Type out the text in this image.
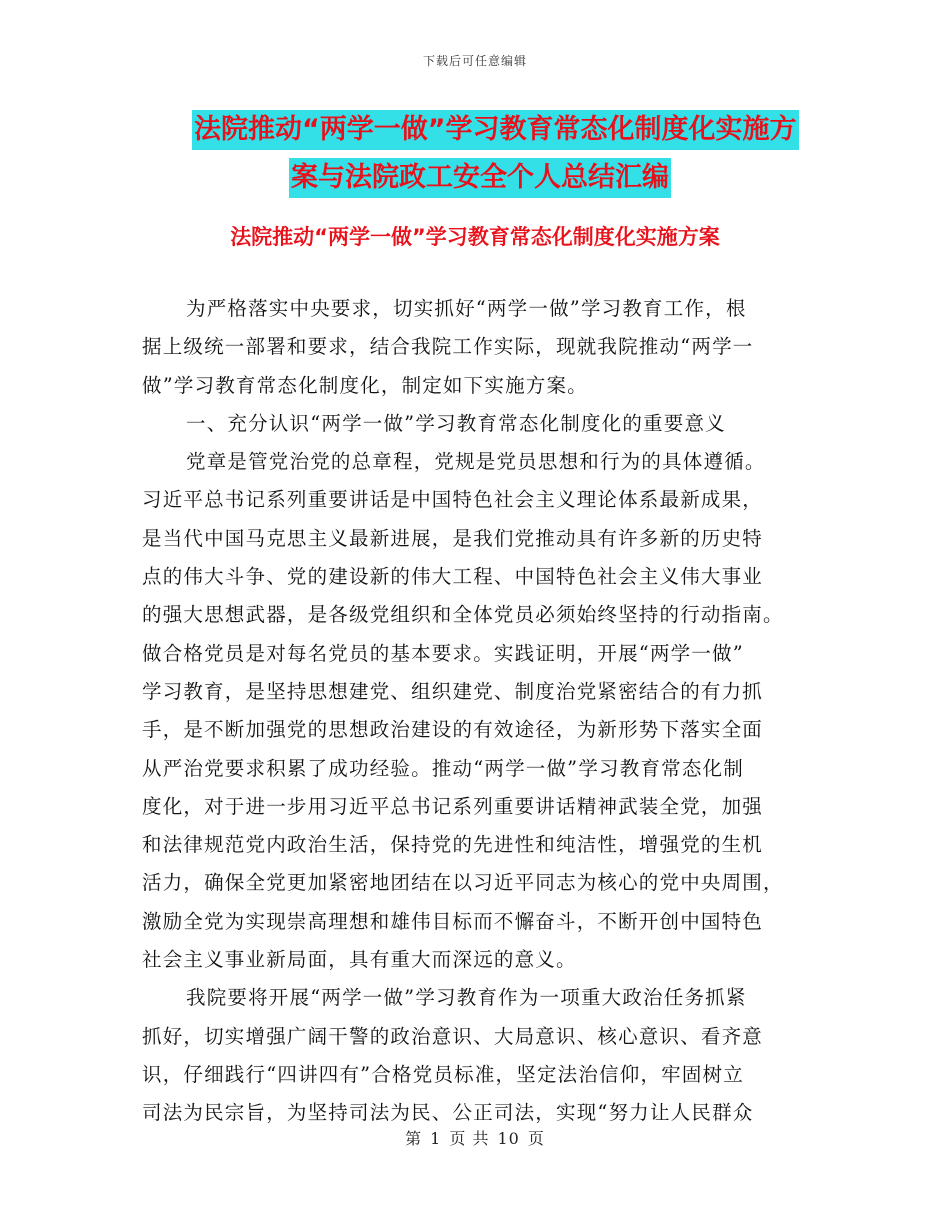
下载后可任意编辑
法院推动“两学一做”学习教育常态化制度化实施方
案与法院政工安全个人总结汇编
法院推动“两学一做”学习教育常态化制度化实施方案
为严格落实中央要求，切实抓好“两学一做”学习教育工作，根
据上级统一部署和要求，结合我院工作实际，现就我院推动“两学一
做”学习教育常态化制度化，制定如下实施方案。
一、充分认识“两学一做”学习教育常态化制度化的重要意义
党章是管党治党的总章程，党规是党员思想和行为的具体遵循。
习近平总书记系列重要讲话是中国特色社会主义理论体系最新成果，
是当代中国马克思主义最新进展，是我们党推动具有许多新的历史特
点的伟大斗争、党的建设新的伟大工程、中国特色社会主义伟大事业
的强大思想武器，是各级党组织和全体党员必须始终坚持的行动指南。
做合格党员是对每名党员的基本要求。实践证明，开展“两学一做”
学习教育，是坚持思想建党、组织建党、制度治党紧密结合的有力抓
手，是不断加强党的思想政治建设的有效途径，为新形势下落实全面
从严治党要求积累了成功经验。推动“两学一做”学习教育常态化制
度化，对于进一步用习近平总书记系列重要讲话精神武装全党，加强
和法律规范党内政治生活，保持党的先进性和纯洁性，增强党的生机
活力，确保全党更加紧密地团结在以习近平同志为核心的党中央周围，
激励全党为实现崇高理想和雄伟目标而不懈奋斗，不断开创中国特色
社会主义事业新局面，具有重大而深远的意义。
我院要将开展“两学一做”学习教育作为一项重大政治任务抓紧
抓好，切实增强广阔干警的政治意识、大局意识、核心意识、看齐意
识，仔细践行“四讲四有”合格党员标准，坚定法治信仰，牢固树立
司法为民宗旨，为坚持司法为民、公正司法，实现“努力让人民群众
第 1 页 共 10 页
